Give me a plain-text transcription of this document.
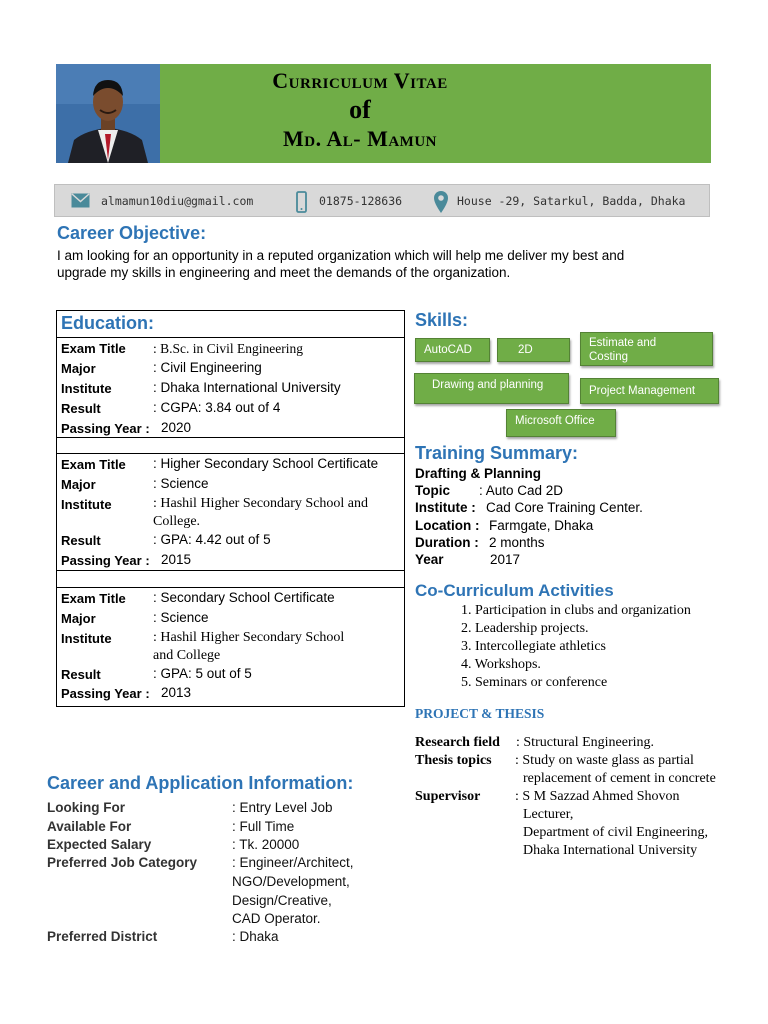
Curriculum Vitae
of
Md. Al- Mamun
almamun10diu@gmail.com	01875-128636	House -29, Satarkul, Badda, Dhaka
Career Objective:
I am looking for an opportunity in a reputed organization which will help me deliver my best and
upgrade my skills in engineering and meet the demands of the organization.
Education:
Exam Title : B.Sc. in Civil Engineering
Major	: Civil Engineering
Institute	: Dhaka International University
Result	: CGPA: 3.84 out of 4
Passing Year : 2020
Exam Title : Higher Secondary School Certificate
Major	: Science
Institute	: Hashil Higher Secondary School and
College.
Result	: GPA: 4.42 out of 5
Passing Year : 2015
Exam Title : Secondary School Certificate
Major	: Science
Institute	: Hashil Higher Secondary School
and College
Result	: GPA: 5 out of 5
Passing Year : 2013
Skills:
AutoCAD	2D
Estimate and
Costing
Drawing and planning	Project Management
Microsoft Office
Training Summary:
Drafting & Planning
Topic : Auto Cad 2D
Institute : Cad Core Training Center.
Location : Farmgate, Dhaka
Duration : 2 months
Year	2017
Co-Curriculum Activities
1. Participation in clubs and organization
2. Leadership projects.
3. Intercollegiate athletics
4. Workshops.
5. Seminars or conference
PROJECT & THESIS
Research field : Structural Engineering.
Thesis topics : Study on waste glass as partial
replacement of cement in concrete
Supervisor : S M Sazzad Ahmed Shovon
Lecturer,
Department of civil Engineering,
Dhaka International University
Career and Application Information:
Looking For	: Entry Level Job
Available For	: Full Time
Expected Salary	: Tk. 20000
Preferred Job Category	: Engineer/Architect,
NGO/Development,
Design/Creative,
CAD Operator.
Preferred District	: Dhaka
